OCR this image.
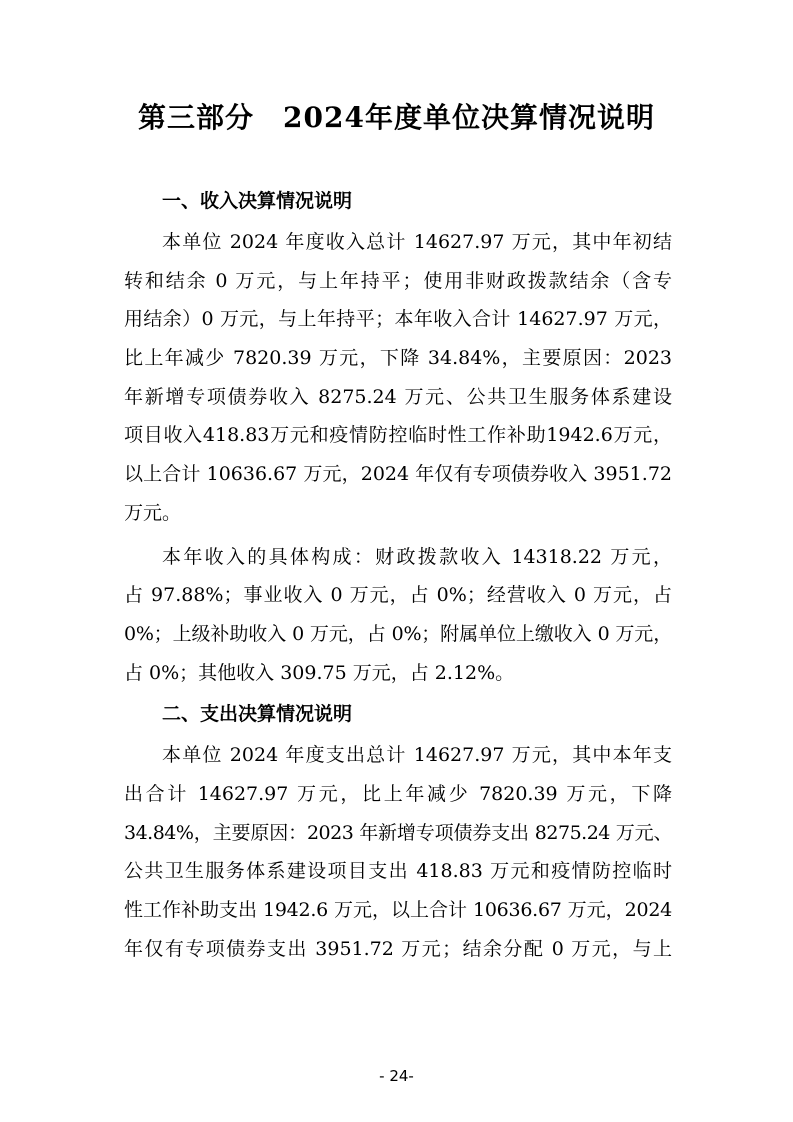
第三部分　2024年度单位决算情况说明
一、收入决算情况说明
本单位 2024 年度收入总计 14627.97 万元，其中年初结
转和结余 0 万元，与上年持平；使用非财政拨款结余（含专
用结余）0 万元，与上年持平；本年收入合计 14627.97 万元，
比上年减少 7820.39 万元，下降 34.84%，主要原因：2023
年新增专项债券收入 8275.24 万元、公共卫生服务体系建设
项目收入418.83万元和疫情防控临时性工作补助1942.6万元，
以上合计 10636.67 万元，2024 年仅有专项债券收入 3951.72
万元。
本年收入的具体构成：财政拨款收入 14318.22 万元，
占 97.88%；事业收入 0 万元，占 0%；经营收入 0 万元，占
0%；上级补助收入 0 万元，占 0%；附属单位上缴收入 0 万元，
占 0%；其他收入 309.75 万元，占 2.12%。
二、支出决算情况说明
本单位 2024 年度支出总计 14627.97 万元，其中本年支
出合计 14627.97 万元，比上年减少 7820.39 万元，下降
34.84%，主要原因：2023 年新增专项债券支出 8275.24 万元、
公共卫生服务体系建设项目支出 418.83 万元和疫情防控临时
性工作补助支出 1942.6 万元，以上合计 10636.67 万元，2024
年仅有专项债券支出 3951.72 万元；结余分配 0 万元，与上
- 24-
